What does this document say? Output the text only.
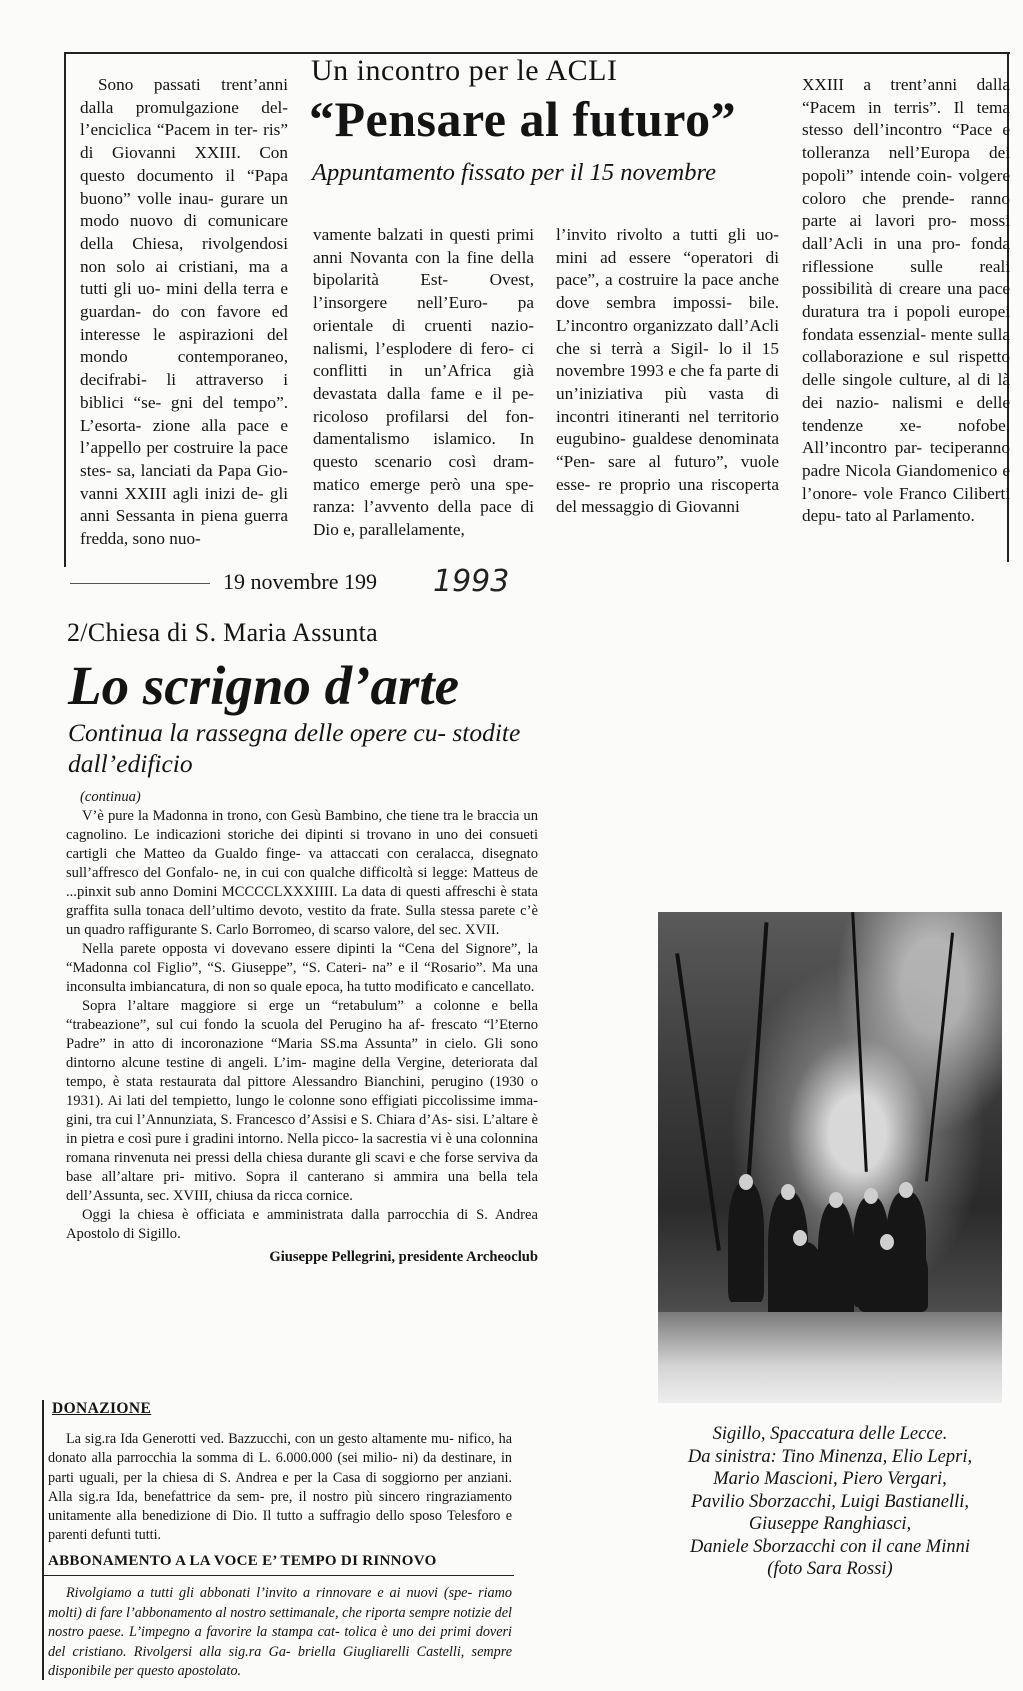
Sono passati trent’anni dalla promulgazione del- l’enciclica “Pacem in ter- ris” di Giovanni XXIII. Con questo documento il “Papa buono” volle inau- gurare un modo nuovo di comunicare della Chiesa, rivolgendosi non solo ai cristiani, ma a tutti gli uo- mini della terra e guardan- do con favore ed interesse le aspirazioni del mondo contemporaneo, decifrabi- li attraverso i biblici “se- gni del tempo”. L’esorta- zione alla pace e l’appello per costruire la pace stes- sa, lanciati da Papa Gio- vanni XXIII agli inizi de- gli anni Sessanta in piena guerra fredda, sono nuo-

Un incontro per le ACLI
“Pensare al futuro”
Appuntamento fissato per il 15 novembre

vamente balzati in questi primi anni Novanta con la fine della bipolarità Est- Ovest, l’insorgere nell’Euro- pa orientale di cruenti nazio- nalismi, l’esplodere di fero- ci conflitti in un’Africa già devastata dalla fame e il pe- ricoloso profilarsi del fon- damentalismo islamico. In questo scenario così dram- matico emerge però una spe- ranza: l’avvento della pace di Dio e, parallelamente,

l’invito rivolto a tutti gli uo- mini ad essere “operatori di pace”, a costruire la pace anche dove sembra impossi- bile. L’incontro organizzato dall’Acli che si terrà a Sigil- lo il 15 novembre 1993 e che fa parte di un’iniziativa più vasta di incontri itineranti nel territorio eugubino- gualdese denominata “Pen- sare al futuro”, vuole esse- re proprio una riscoperta del messaggio di Giovanni

XXIII a trent’anni dalla “Pacem in terris”. Il tema stesso dell’incontro “Pace e tolleranza nell’Europa dei popoli” intende coin- volgere coloro che prende- ranno parte ai lavori pro- mossi dall’Acli in una pro- fonda riflessione sulle reali possibilità di creare una pace duratura tra i popoli europei fondata essenzial- mente sulla collaborazione e sul rispetto delle singole culture, al di là dei nazio- nalismi e delle tendenze xe- nofobe. All’incontro par- teciperanno padre Nicola Giandomenico e l’onore- vole Franco Ciliberti depu- tato al Parlamento.

19 novembre 199 1993
2/Chiesa di S. Maria Assunta
Lo scrigno d’arte
Continua la rassegna delle opere cu- stodite dall’edificio

(continua)

V’è pure la Madonna in trono, con Gesù Bambino, che tiene tra le braccia un cagnolino. Le indicazioni storiche dei dipinti si trovano in uno dei consueti cartigli che Matteo da Gualdo finge- va attaccati con ceralacca, disegnato sull’affresco del Gonfalo- ne, in cui con qualche difficoltà si legge: Matteus de ...pinxit sub anno Domini MCCCCLXXXIIII. La data di questi affreschi è stata graffita sulla tonaca dell’ultimo devoto, vestito da frate. Sulla stessa parete c’è un quadro raffigurante S. Carlo Borromeo, di scarso valore, del sec. XVII.

Nella parete opposta vi dovevano essere dipinti la “Cena del Signore”, la “Madonna col Figlio”, “S. Giuseppe”, “S. Cateri- na” e il “Rosario”. Ma una inconsulta imbiancatura, di non so quale epoca, ha tutto modificato e cancellato.

Sopra l’altare maggiore si erge un “retabulum” a colonne e bella “trabeazione”, sul cui fondo la scuola del Perugino ha af- frescato “l’Eterno Padre” in atto di incoronazione “Maria SS.ma Assunta” in cielo. Gli sono dintorno alcune testine di angeli. L’im- magine della Vergine, deteriorata dal tempo, è stata restaurata dal pittore Alessandro Bianchini, perugino (1930 o 1931). Ai lati del tempietto, lungo le colonne sono effigiati piccolissime imma- gini, tra cui l’Annunziata, S. Francesco d’Assisi e S. Chiara d’As- sisi. L’altare è in pietra e così pure i gradini intorno. Nella picco- la sacrestia vi è una colonnina romana rinvenuta nei pressi della chiesa durante gli scavi e che forse serviva da base all’altare pri- mitivo. Sopra il canterano si ammira una bella tela dell’Assunta, sec. XVIII, chiusa da ricca cornice.

Oggi la chiesa è officiata e amministrata dalla parrocchia di S. Andrea Apostolo di Sigillo.

Giuseppe Pellegrini, presidente Archeoclub

DONAZIONE

La sig.ra Ida Generotti ved. Bazzucchi, con un gesto altamente mu- nifico, ha donato alla parrocchia la somma di L. 6.000.000 (sei milio- ni) da destinare, in parti uguali, per la chiesa di S. Andrea e per la Casa di soggiorno per anziani. Alla sig.ra Ida, benefattrice da sem- pre, il nostro più sincero ringraziamento unitamente alla benedizione di Dio. Il tutto a suffragio dello sposo Telesforo e parenti defunti tutti.

ABBONAMENTO A LA VOCE E’ TEMPO DI RINNOVO

Rivolgiamo a tutti gli abbonati l’invito a rinnovare e ai nuovi (spe- riamo molti) di fare l’abbonamento al nostro settimanale, che riporta sempre notizie del nostro paese. L’impegno a favorire la stampa cat- tolica è uno dei primi doveri del cristiano. Rivolgersi alla sig.ra Ga- briella Giugliarelli Castelli, sempre disponibile per questo apostolato.

Sigillo, Spaccatura delle Lecce.
Da sinistra: Tino Minenza, Elio Lepri,
Mario Mascioni, Piero Vergari,
Pavilio Sborzacchi, Luigi Bastianelli,
Giuseppe Ranghiasci,
Daniele Sborzacchi con il cane Minni
(foto Sara Rossi)
